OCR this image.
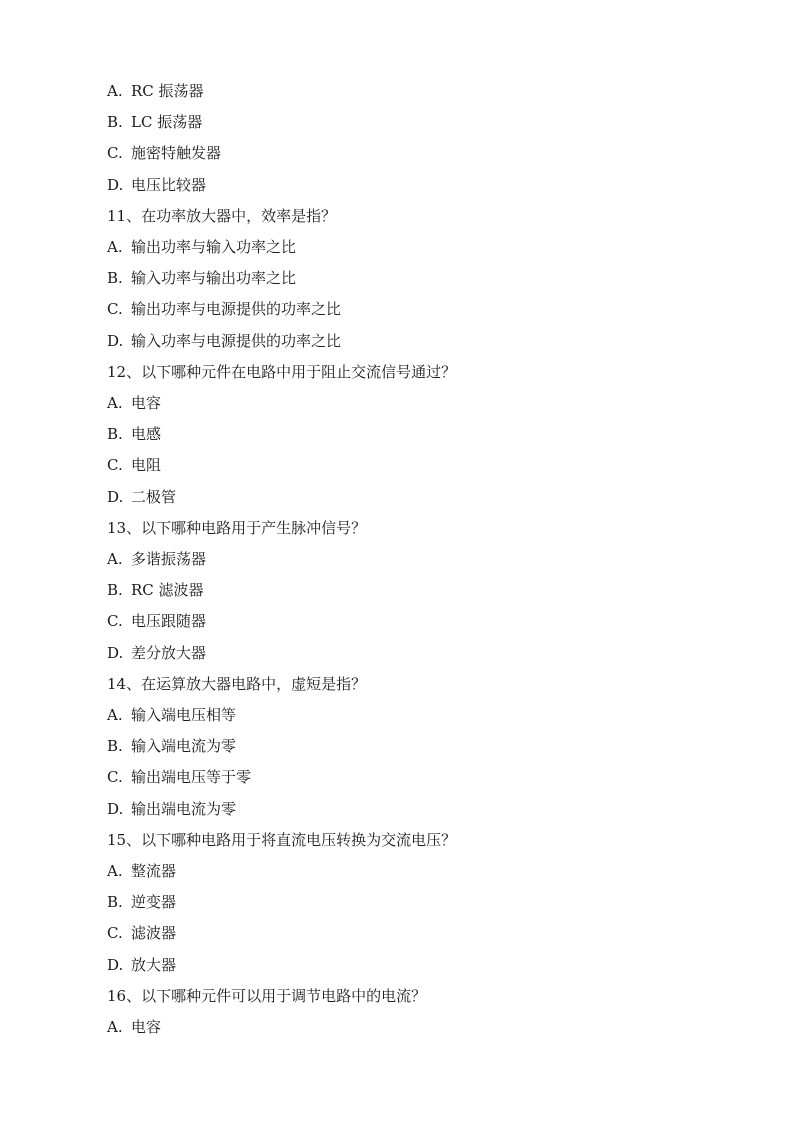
A. RC 振荡器
B. LC 振荡器
C. 施密特触发器
D. 电压比较器
11、在功率放大器中，效率是指？
A. 输出功率与输入功率之比
B. 输入功率与输出功率之比
C. 输出功率与电源提供的功率之比
D. 输入功率与电源提供的功率之比
12、以下哪种元件在电路中用于阻止交流信号通过？
A. 电容
B. 电感
C. 电阻
D. 二极管
13、以下哪种电路用于产生脉冲信号？
A. 多谐振荡器
B. RC 滤波器
C. 电压跟随器
D. 差分放大器
14、在运算放大器电路中，虚短是指？
A. 输入端电压相等
B. 输入端电流为零
C. 输出端电压等于零
D. 输出端电流为零
15、以下哪种电路用于将直流电压转换为交流电压？
A. 整流器
B. 逆变器
C. 滤波器
D. 放大器
16、以下哪种元件可以用于调节电路中的电流？
A. 电容
